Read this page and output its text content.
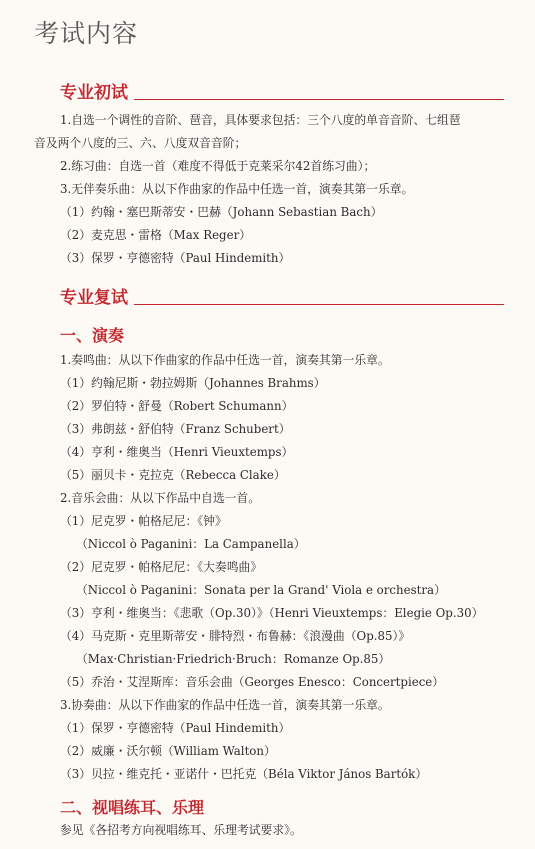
考试内容
专业初试
1.自选一个调性的音阶、琶音，具体要求包括：三个八度的单音音阶、七组琶
音及两个八度的三、六、八度双音音阶；
2.练习曲：自选一首（难度不得低于克莱采尔42首练习曲）；
3.无伴奏乐曲：从以下作曲家的作品中任选一首，演奏其第一乐章。
（1）约翰・塞巴斯蒂安・巴赫（Johann Sebastian Bach）
（2）麦克思・雷格（Max Reger）
（3）保罗・亨德密特（Paul Hindemith）
专业复试
一、演奏
1.奏鸣曲：从以下作曲家的作品中任选一首，演奏其第一乐章。
（1）约翰尼斯・勃拉姆斯（Johannes Brahms）
（2）罗伯特・舒曼（Robert Schumann）
（3）弗朗兹・舒伯特（Franz Schubert）
（4）亨利・维奥当（Henri Vieuxtemps）
（5）丽贝卡・克拉克（Rebecca Clake）
2.音乐会曲：从以下作品中自选一首。
（1）尼克罗・帕格尼尼：《钟》
（Niccol ò Paganini：La Campanella）
（2）尼克罗・帕格尼尼：《大奏鸣曲》
（Niccol ò Paganini：Sonata per la Grand' Viola e orchestra）
（3）亨利・维奥当：《悲歌（Op.30）》（Henri Vieuxtemps：Elegie Op.30）
（4）马克斯・克里斯蒂安・腓特烈・布鲁赫：《浪漫曲（Op.85）》
（Max·Christian·Friedrich·Bruch：Romanze Op.85）
（5）乔治・艾涅斯库：音乐会曲（Georges Enesco：Concertpiece）
3.协奏曲：从以下作曲家的作品中任选一首，演奏其第一乐章。
（1）保罗・亨德密特（Paul Hindemith）
（2）威廉・沃尔顿（William Walton）
（3）贝拉・维克托・亚诺什・巴托克（Béla Viktor János Bartók）
二、视唱练耳、乐理
参见《各招考方向视唱练耳、乐理考试要求》。
